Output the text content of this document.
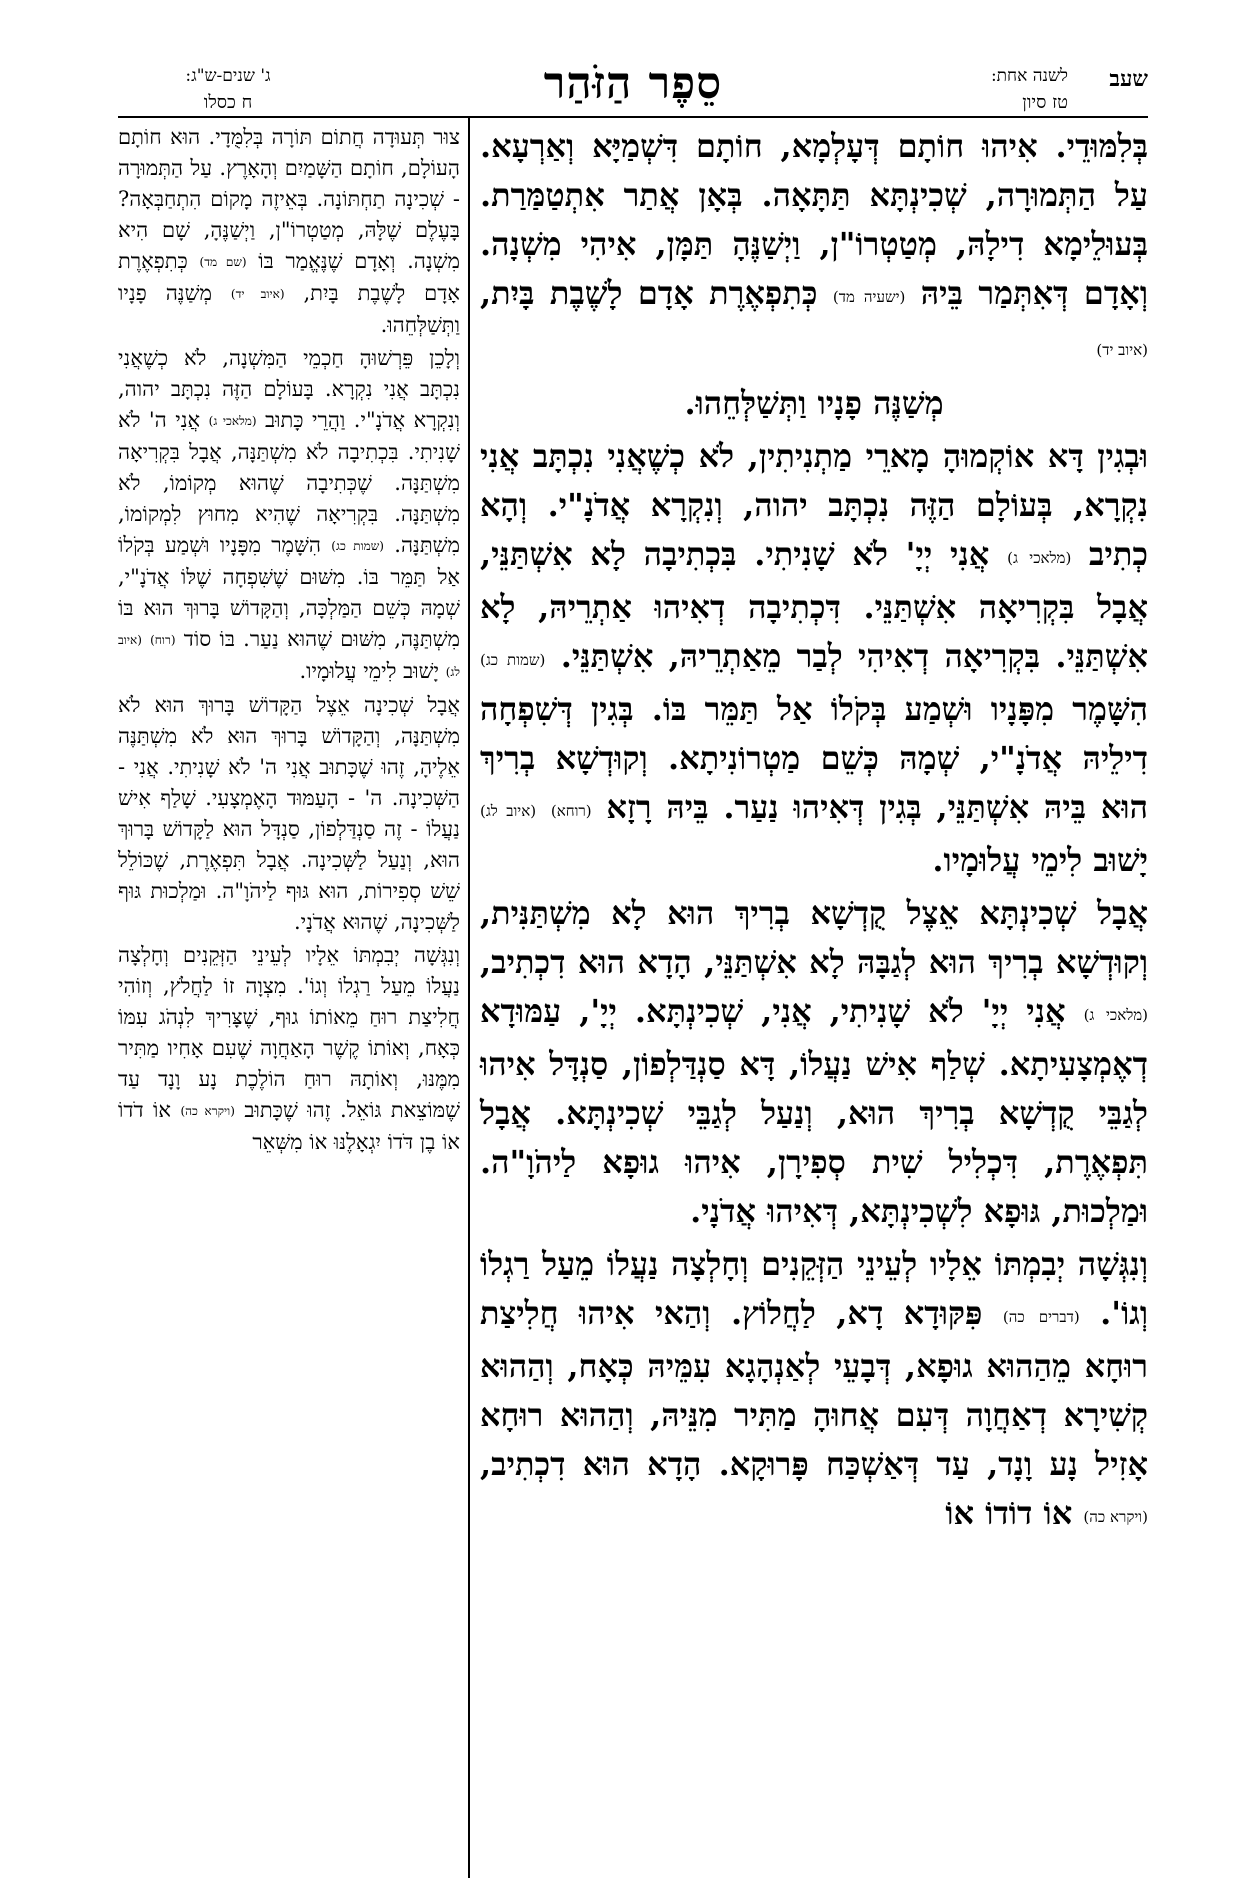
שעב
לשנה אחת:
טז סיון
סֵפֶר הַזֹּהַר
ג' שנים-ש"ג:
ח כסלו

בְּלִמּוּדֵי. אִיהוּ חוֹתָם דְּעָלְמָא, חוֹתָם דִּשְׁמַיָּא וְאַרְעָא. עַל הַתְּמוּרָה, שְׁכִינְתָּא תַּתָּאָה. בְּאָן אֲתַר אִתְטַמַּרַת. בְּעוּלֵימָא דִילָהּ, מְטַטְרוֹ"ן, וַיְשַׁנֶּהָ תַּמָּן, אִיהִי מִשְׁנָה. וְאָדָם דְּאִתְּמַר בֵּיהּ (ישעיה מד) כְּתִפְאֶרֶת אָדָם לָשֶׁבֶת בָּיִת, (איוב יד)

מְשַׁנֶּה פָנָיו וַתְּשַׁלְּחֵהוּ.

וּבְגִין דָּא אוֹקְמוּהָ מָארֵי מַתְנִיתִין, לֹא כְשֶׁאֲנִי נִכְתָּב אֲנִי נִקְרָא, בְּעוֹלָם הַזֶּה נִכְתָּב יהוה, וְנִקְרָא אֲדֹנָ"י. וְהָא כְתִיב (מלאכי ג) אֲנִי יְיָ' לֹא שָׁנִיתִי. בִּכְתִיבָה לָא אִשְׁתַּנֵּי, אֲבָל בִּקְרִיאָה אִשְׁתַּנֵּי. דִּכְתִיבָה דְאִיהוּ אַתְרֵיהּ, לָא אִשְׁתַּנֵּי. בִּקְרִיאָה דְאִיהִי לְבַר מֵאַתְרֵיהּ, אִשְׁתַּנֵּי. (שמות כג) הִשָּׁמֶר מִפָּנָיו וּשְׁמַע בְּקֹלוֹ אַל תַּמֵּר בּוֹ. בְּגִין דְּשִׁפְחָה דִילֵיהּ אֲדֹנָ"י, שְׁמָהּ כְּשֵׁם מַטְרוֹנִיתָא. וְקוּדְשָׁא בְרִיךְ הוּא בֵּיהּ אִשְׁתַּנֵּי, בְּגִין דְּאִיהוּ נַעַר. בֵּיהּ רָזָא (רוחא) (איוב לג) יָשׁוּב לִימֵי עֲלוּמָיו.

אֲבָל שְׁכִינְתָּא אֵצֶל קֻדְשָׁא בְרִיךְ הוּא לָא מִשְׁתַּנִּית, וְקוּדְשָׁא בְרִיךְ הוּא לְגַבָּהּ לָא אִשְׁתַּנֵּי, הָדָא הוּא דִכְתִיב, (מלאכי ג) אֲנִי יְיָ' לֹא שָׁנִיתִי, אֲנִי, שְׁכִינְתָּא. יְיָ', עַמּוּדָא דְאֶמְצָעִיתָא. שְׁלַף אִישׁ נַעֲלוֹ, דָּא סַנְדַּלְפוֹן, סַנְדָּל אִיהוּ לְגַבֵּי קֻדְשָׁא בְרִיךְ הוּא, וְנַעַל לְגַבֵּי שְׁכִינְתָּא. אֲבָל תִּפְאֶרֶת, דִּכְלִיל שִׁית סְפִירָן, אִיהוּ גוּפָא לַיהֹוָ"ה. וּמַלְכוּת, גּוּפָא לִשְׁכִינְתָּא, דְּאִיהוּ אֲדֹנָי.

וְנִגְּשָׁה יְבִמְתּוֹ אֵלָיו לְעֵינֵי הַזְּקֵנִים וְחָלְצָה נַעֲלוֹ מֵעַל רַגְלוֹ וְגוֹ'. (דברים כה) פִּקּוּדָא דָא, לַחֲלוֹץ. וְהַאי אִיהוּ חֲלִיצַת רוּחָא מֵהַהוּא גוּפָא, דְּבָעֵי לְאַנְהָגָא עִמֵּיהּ כְּאָח, וְהַהוּא קְשִׁירָא דְאַחֲוָה דְּעִם אֲחוּהָ מַתִּיר מִנֵּיהּ, וְהַהוּא רוּחָא אָזִיל נָע וָנָד, עַד דְּאַשְׁכַּח פָּרוּקָא. הָדָא הוּא דִכְתִיב, (ויקרא כה) אוֹ דוֹדוֹ אוֹ

צוּר תְּעוּדָה חֲתוֹם תּוֹרָה בְּלִמֻּדָי. הוּא חוֹתָם הָעוֹלָם, חוֹתָם הַשָּׁמַיִם וְהָאָרֶץ. עַל הַתְּמוּרָה - שְׁכִינָה תַחְתּוֹנָה. בְּאֵיזֶה מָקוֹם הִתְחַבְּאָה? בָּעֶלֶם שֶׁלָּהּ, מְטַטְרוֹ"ן, וַיְשַׁנֶּהָ, שָׁם הִיא מִשְׁנָה. וְאָדָם שֶׁנֶּאֱמַר בּוֹ (שם מד) כְּתִפְאֶרֶת אָדָם לָשֶׁבֶת בָּיִת, (איוב יד) מְשַׁנֶּה פָנָיו וַתְּשַׁלְּחֵהוּ.

וְלָכֵן פֵּרְשׁוּהָ חַכְמֵי הַמִּשְׁנָה, לֹא כְשֶׁאֲנִי נִכְתָּב אֲנִי נִקְרָא. בָּעוֹלָם הַזֶּה נִכְתָּב יהוה, וְנִקְרָא אֲדֹנָ"י. וַהֲרֵי כָּתוּב (מלאכי ג) אֲנִי ה' לֹא שָׁנִיתִי. בִּכְתִיבָה לֹא מִשְׁתַּנָּה, אֲבָל בִּקְרִיאָה מִשְׁתַּנָּה. שֶׁכְּתִיבָה שֶׁהוּא מְקוֹמוֹ, לֹא מִשְׁתַּנָּה. בִּקְרִיאָה שֶׁהִיא מִחוּץ לִמְקוֹמוֹ, מִשְׁתַּנָּה. (שמות כג) הִשָּׁמֶר מִפָּנָיו וּשְׁמַע בְּקֹלוֹ אַל תַּמֵּר בּוֹ. מִשּׁוּם שֶׁשִּׁפְחָה שֶׁלּוֹ אֲדֹנָ"י, שְׁמָהּ כְּשֵׁם הַמַּלְכָּה, וְהַקָּדוֹשׁ בָּרוּךְ הוּא בּוֹ מִשְׁתַּנֶּה, מִשּׁוּם שֶׁהוּא נַעַר. בּוֹ סוֹד (רוח) (איוב לג) יָשׁוּב לִימֵי עֲלוּמָיו.

אֲבָל שְׁכִינָה אֵצֶל הַקָּדוֹשׁ בָּרוּךְ הוּא לֹא מִשְׁתַּנָּה, וְהַקָּדוֹשׁ בָּרוּךְ הוּא לֹא מִשְׁתַּנֶּה אֵלֶיהָ, זֶהוּ שֶׁכָּתוּב אֲנִי ה' לֹא שָׁנִיתִי. אֲנִי - הַשְּׁכִינָה. ה' - הָעַמּוּד הָאֶמְצָעִי. שָׁלַף אִישׁ נַעֲלוֹ - זֶה סַנְדַּלְפוֹן, סַנְדָּל הוּא לַקָּדוֹשׁ בָּרוּךְ הוּא, וְנַעַל לַשְּׁכִינָה. אֲבָל תִּפְאֶרֶת, שֶׁכּוֹלֵל שֵׁשׁ סְפִירוֹת, הוּא גּוּף לַיהֹוָ"ה. וּמַלְכוּת גּוּף לַשְּׁכִינָה, שֶׁהוּא אֲדֹנָי.

וְנִגְּשָׁה יְבִמְתּוֹ אֵלָיו לְעֵינֵי הַזְּקֵנִים וְחָלְצָה נַעֲלוֹ מֵעַל רַגְלוֹ וְגוֹ'. מִצְוָה זוֹ לַחֲלֹץ, וְזוֹהִי חֲלִיצַת רוּחַ מֵאוֹתוֹ גוּף, שֶׁצָּרִיךְ לִנְהֹג עִמּוֹ כְּאָח, וְאוֹתוֹ קֶשֶׁר הָאַחֲוָה שֶׁעִם אָחִיו מַתִּיר מִמֶּנּוּ, וְאוֹתָהּ רוּחַ הוֹלֶכֶת נָע וָנָד עַד שֶׁמּוֹצֵאת גּוֹאֵל. זֶהוּ שֶׁכָּתוּב (ויקרא כה) אוֹ דֹדוֹ אוֹ בֶן דֹּדוֹ יִגְאָלֶנּוּ אוֹ מִשְּׁאֵר
